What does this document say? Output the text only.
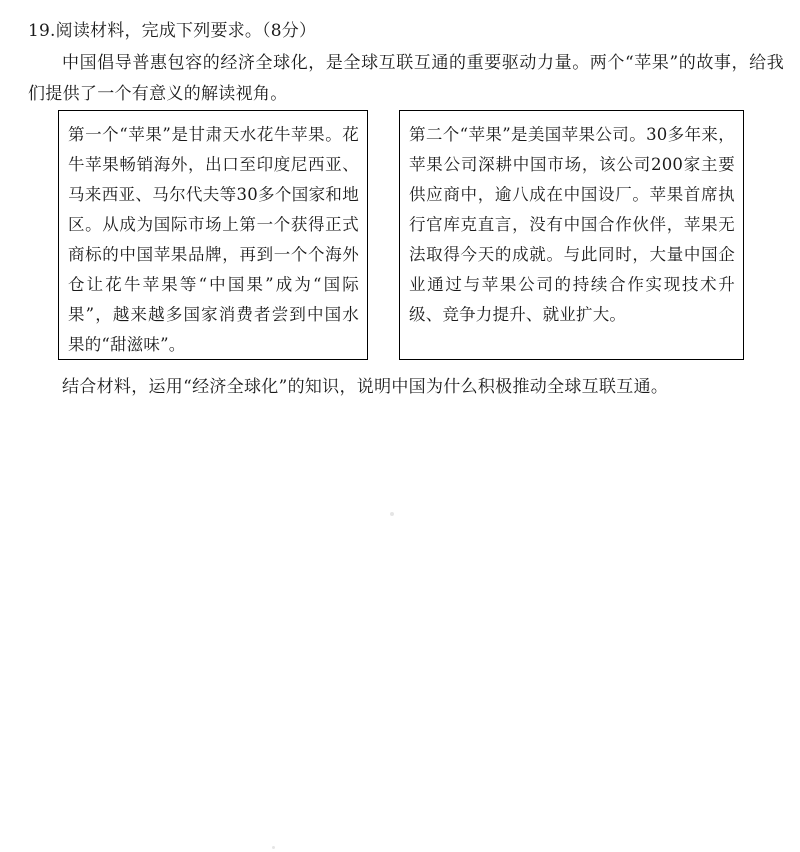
19.阅读材料，完成下列要求。（8分）
中国倡导普惠包容的经济全球化，是全球互联互通的重要驱动力量。两个“苹果”的故事，给我们提供了一个有意义的解读视角。
第一个“苹果”是甘肃天水花牛苹果。花牛苹果畅销海外，出口至印度尼西亚、马来西亚、马尔代夫等30多个国家和地区。从成为国际市场上第一个获得正式商标的中国苹果品牌，再到一个个海外仓让花牛苹果等“中国果”成为“国际果”，越来越多国家消费者尝到中国水果的“甜滋味”。
第二个“苹果”是美国苹果公司。30多年来，苹果公司深耕中国市场，该公司200家主要供应商中，逾八成在中国设厂。苹果首席执行官库克直言，没有中国合作伙伴，苹果无法取得今天的成就。与此同时，大量中国企业通过与苹果公司的持续合作实现技术升级、竞争力提升、就业扩大。
结合材料，运用“经济全球化”的知识，说明中国为什么积极推动全球互联互通。
